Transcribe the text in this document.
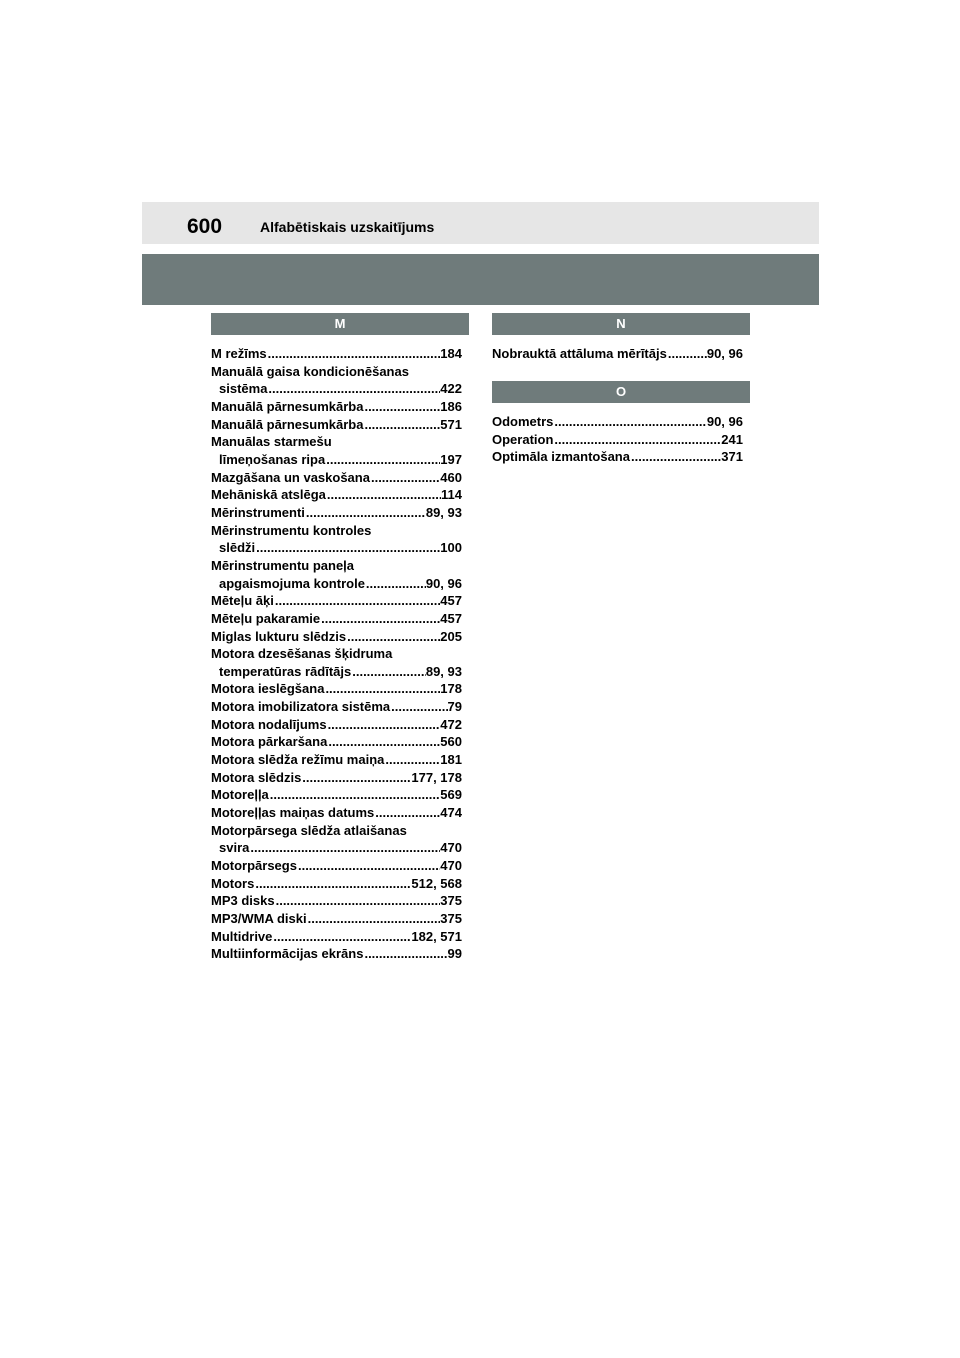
600	Alfabētiskais uzskaitījums
M
M režīms .....	184
Manuālā gaisa kondicionēšanas
sistēma .....	422
Manuālā pārnesumkārba .....	186
Manuālā pārnesumkārba .....	571
Manuālas starmešu
līmeņošanas ripa .....	197
Mazgāšana un vaskošana .....	460
Mehāniskā atslēga .....	114
Mērinstrumenti .....	89, 93
Mērinstrumentu kontroles
slēdži .....	100
Mērinstrumentu paneļa
apgaismojuma kontrole .....	90, 96
Mēteļu āķi .....	457
Mēteļu pakaramie .....	457
Miglas lukturu slēdzis .....	205
Motora dzesēšanas šķidruma
temperatūras rādītājs .....	89, 93
Motora ieslēgšana .....	178
Motora imobilizatora sistēma .....	79
Motora nodalījums .....	472
Motora pārkaršana .....	560
Motora slēdža režīmu maiņa .....	181
Motora slēdzis .....	177, 178
Motoreļļa .....	569
Motoreļļas maiņas datums .....	474
Motorpārsega slēdža atlaišanas
svira .....	470
Motorpārsegs .....	470
Motors .....	512, 568
MP3 disks .....	375
MP3/WMA diski .....	375
Multidrive .....	182, 571
Multiinformācijas ekrāns .....	99
N
Nobrauktā attāluma mērītājs .....	90, 96
O
Odometrs .....	90, 96
Operation .....	241
Optimāla izmantošana .....	371
